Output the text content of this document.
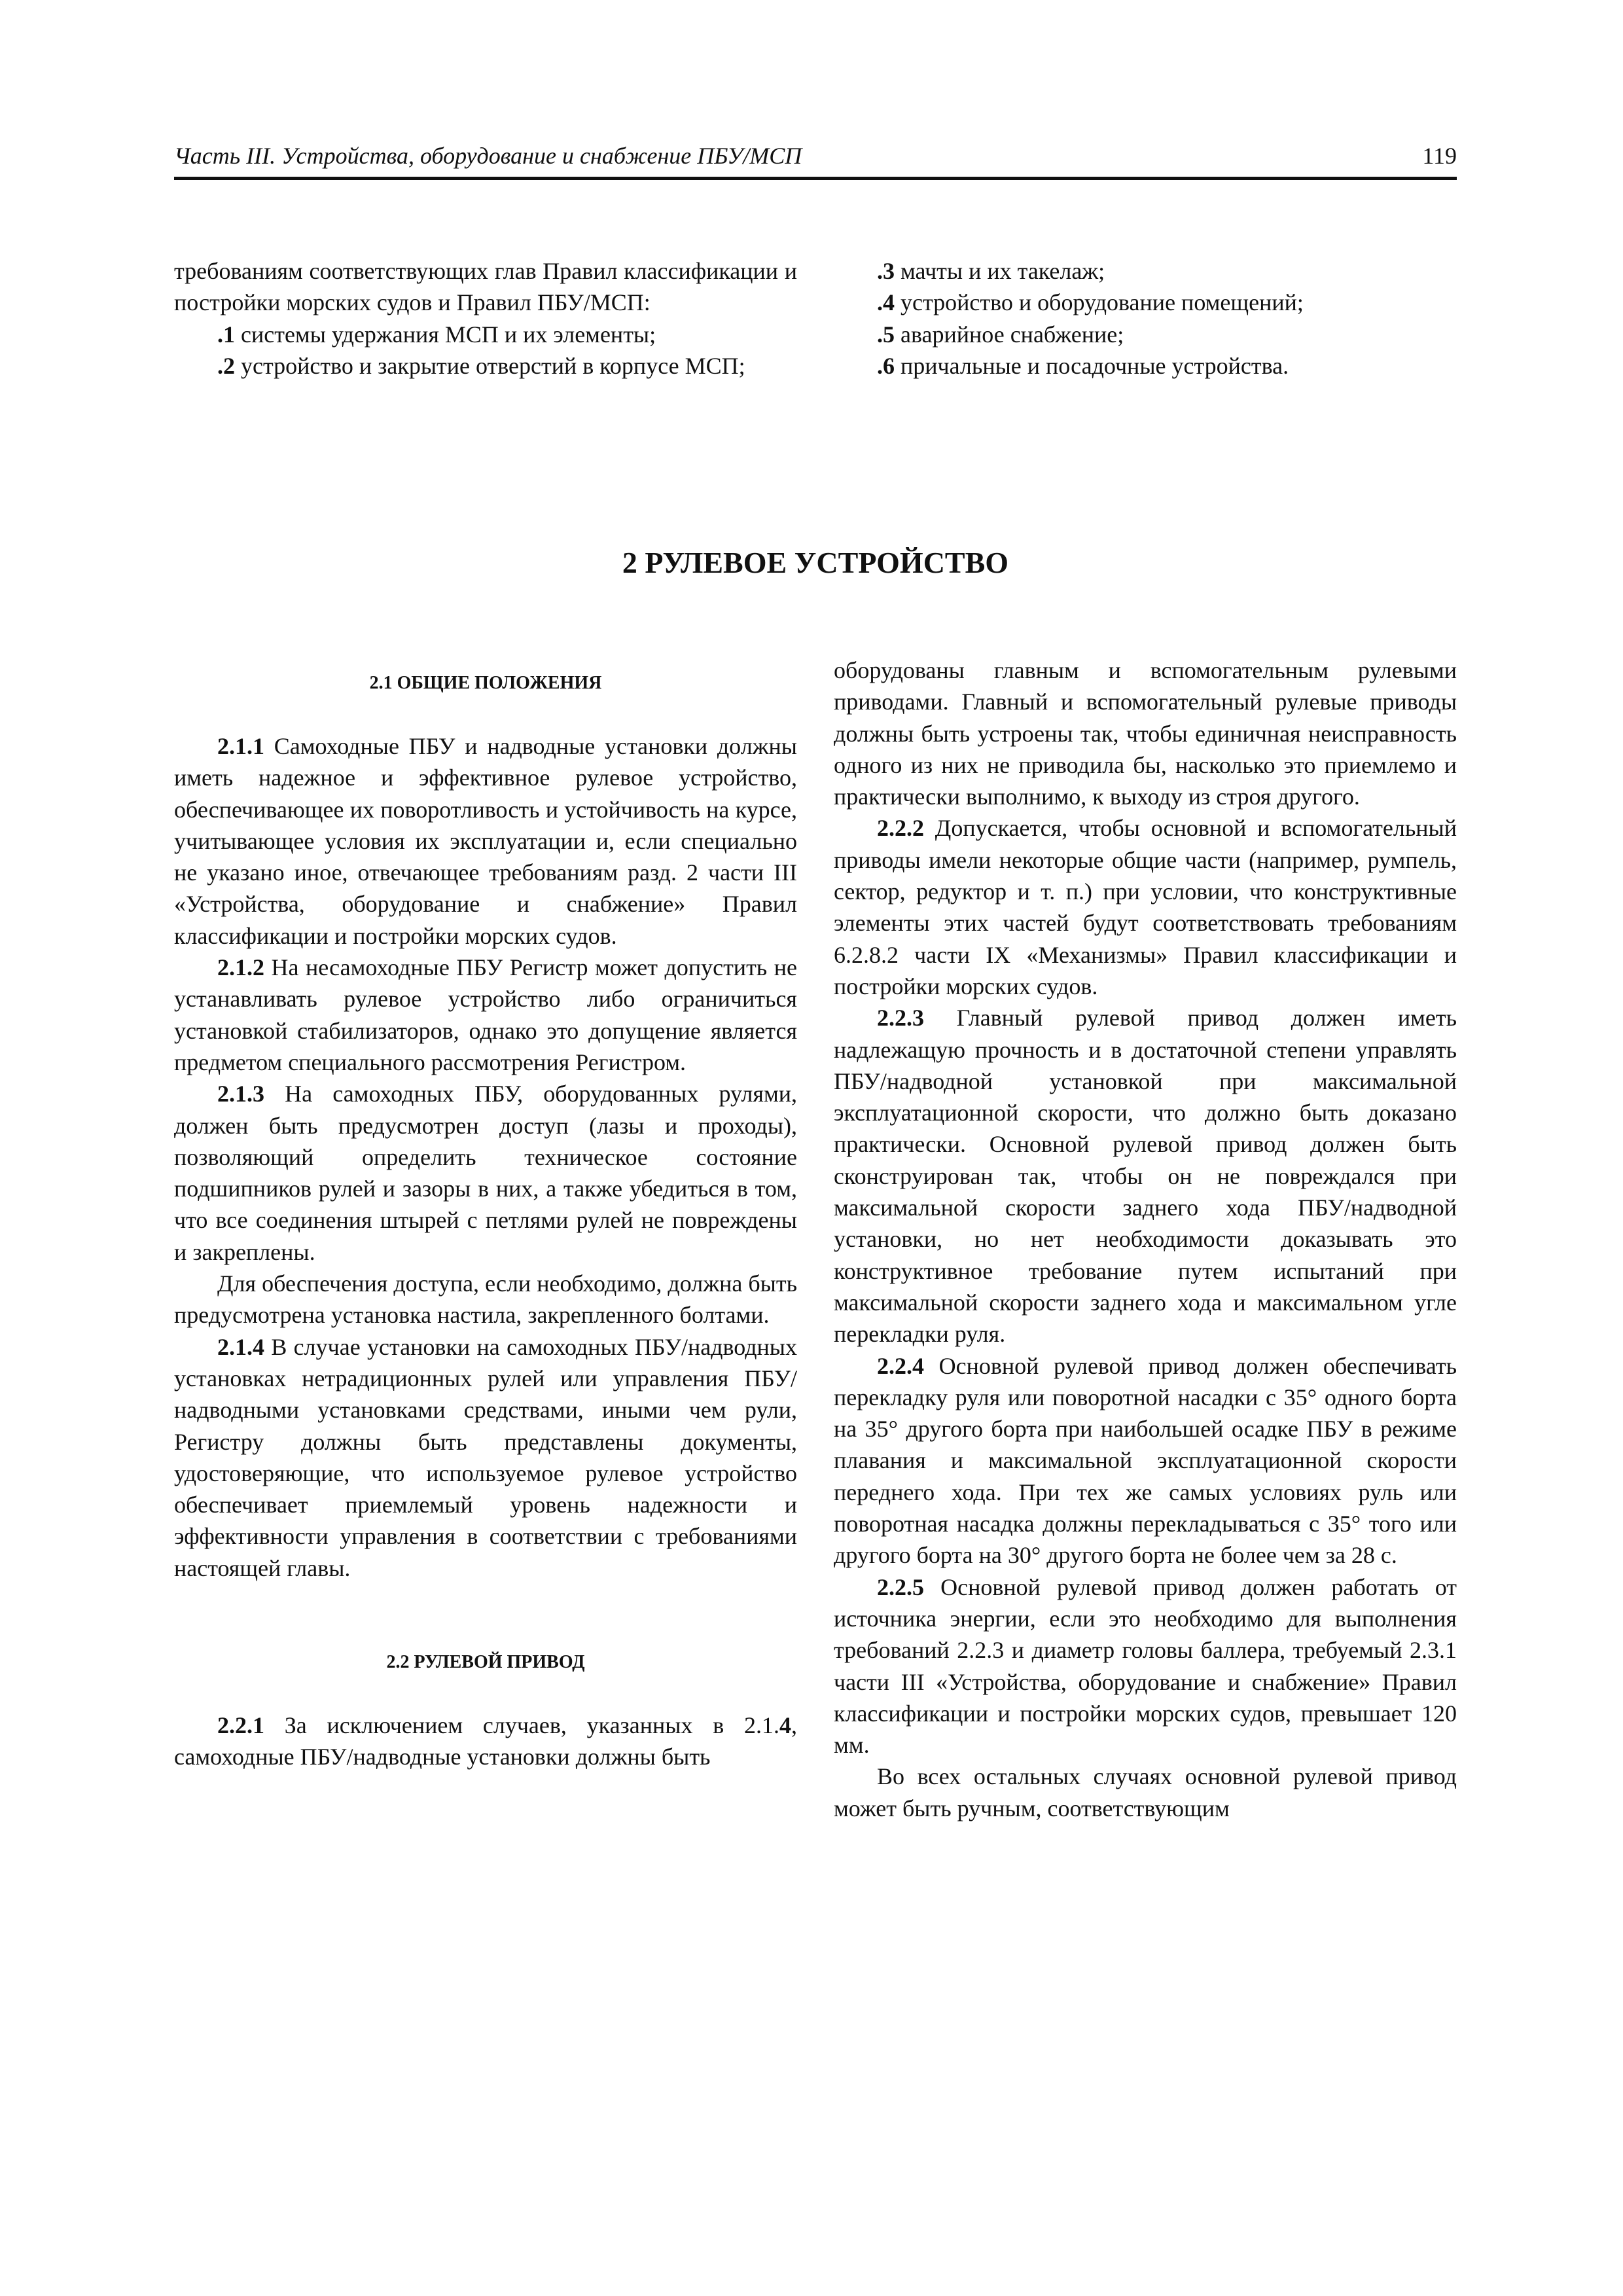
Часть III. Устройства, оборудование и снабжение ПБУ/МСП	119

требованиям соответствующих глав Правил классификации и постройки морских судов и Правил ПБУ/МСП:

.1 системы удержания МСП и их элементы;

.2 устройство и закрытие отверстий в корпусе МСП;

.3 мачты и их такелаж;

.4 устройство и оборудование помещений;

.5 аварийное снабжение;

.6 причальные и посадочные устройства.

2 РУЛЕВОЕ УСТРОЙСТВО

2.1 ОБЩИЕ ПОЛОЖЕНИЯ

2.1.1 Самоходные ПБУ и надводные установки должны иметь надежное и эффективное рулевое устройство, обеспечивающее их поворотливость и устойчивость на курсе, учитывающее условия их эксплуатации и, если специально не указано иное, отвечающее требованиям разд. 2 части III «Устройства, оборудование и снабжение» Правил классификации и постройки морских судов.

2.1.2 На несамоходные ПБУ Регистр может допустить не устанавливать рулевое устройство либо ограничиться установкой стабилизаторов, однако это допущение является предметом специального рассмотрения Регистром.

2.1.3 На самоходных ПБУ, оборудованных рулями, должен быть предусмотрен доступ (лазы и проходы), позволяющий определить техническое состояние подшипников рулей и зазоры в них, а также убедиться в том, что все соединения штырей с петлями рулей не повреждены и закреплены.

Для обеспечения доступа, если необходимо, должна быть предусмотрена установка настила, закрепленного болтами.

2.1.4 В случае установки на самоходных ПБУ/надводных установках нетрадиционных рулей или управления ПБУ/надводными установками средствами, иными чем рули, Регистру должны быть представлены документы, удостоверяющие, что используемое рулевое устройство обеспечивает приемлемый уровень надежности и эффективности управления в соответствии с требованиями настоящей главы.

2.2 РУЛЕВОЙ ПРИВОД

2.2.1 За исключением случаев, указанных в 2.1.4, самоходные ПБУ/надводные установки должны быть

оборудованы главным и вспомогательным рулевыми приводами. Главный и вспомогательный рулевые приводы должны быть устроены так, чтобы единичная неисправность одного из них не приводила бы, насколько это приемлемо и практически выполнимо, к выходу из строя другого.

2.2.2 Допускается, чтобы основной и вспомогательный приводы имели некоторые общие части (например, румпель, сектор, редуктор и т. п.) при условии, что конструктивные элементы этих частей будут соответствовать требованиям 6.2.8.2 части IX «Механизмы» Правил классификации и постройки морских судов.

2.2.3 Главный рулевой привод должен иметь надлежащую прочность и в достаточной степени управлять ПБУ/надводной установкой при максимальной эксплуатационной скорости, что должно быть доказано практически. Основной рулевой привод должен быть сконструирован так, чтобы он не повреждался при максимальной скорости заднего хода ПБУ/надводной установки, но нет необходимости доказывать это конструктивное требование путем испытаний при максимальной скорости заднего хода и максимальном угле перекладки руля.

2.2.4 Основной рулевой привод должен обеспечивать перекладку руля или поворотной насадки с 35° одного борта на 35° другого борта при наибольшей осадке ПБУ в режиме плавания и максимальной эксплуатационной скорости переднего хода. При тех же самых условиях руль или поворотная насадка должны перекладываться с 35° того или другого борта на 30° другого борта не более чем за 28 с.

2.2.5 Основной рулевой привод должен работать от источника энергии, если это необходимо для выполнения требований 2.2.3 и диаметр головы баллера, требуемый 2.3.1 части III «Устройства, оборудование и снабжение» Правил классификации и постройки морских судов, превышает 120 мм.

Во всех остальных случаях основной рулевой привод может быть ручным, соответствующим
